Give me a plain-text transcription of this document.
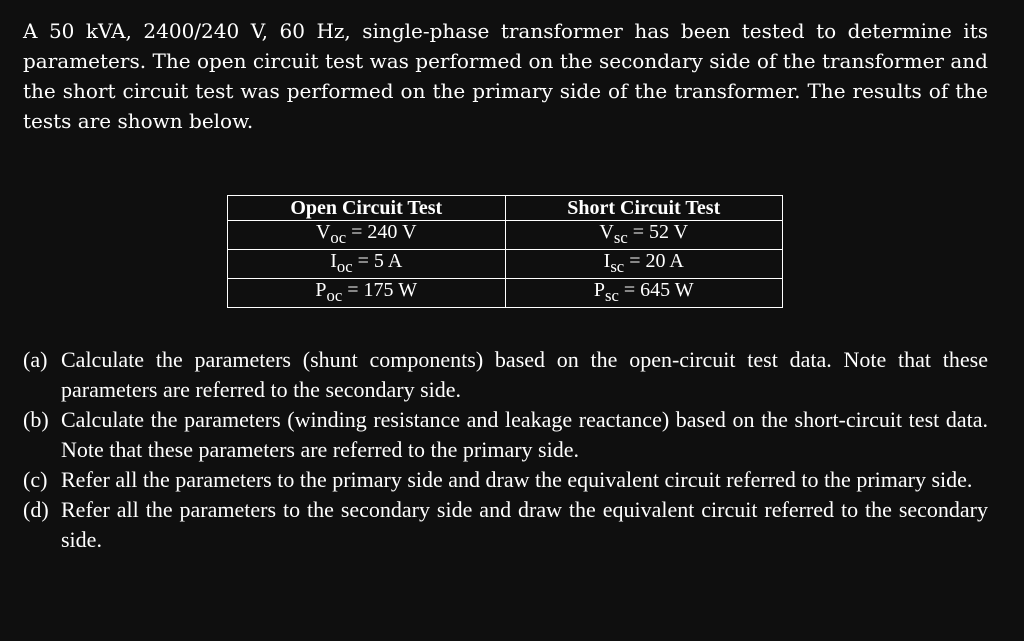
A 50 kVA, 2400/240 V, 60 Hz, single-phase transformer has been tested to determine its parameters. The open circuit test was performed on the secondary side of the transformer and the short circuit test was performed on the primary side of the transformer. The results of the tests are shown below.

Open Circuit Test	Short Circuit Test
$V_{oc} = 240$ V	$V_{sc} = 52$ V
$I_{oc} = 5$ A	$I_{sc} = 20$ A
$P_{oc} = 175$ W	$P_{sc} = 645$ W
(a) Calculate the parameters (shunt components) based on the open-circuit test data. Note that these parameters are referred to the secondary side.
(b) Calculate the parameters (winding resistance and leakage reactance) based on the short-circuit test data. Note that these parameters are referred to the primary side.
(c) Refer all the parameters to the primary side and draw the equivalent circuit referred to the primary side.
(d) Refer all the parameters to the secondary side and draw the equivalent circuit referred to the secondary side.
